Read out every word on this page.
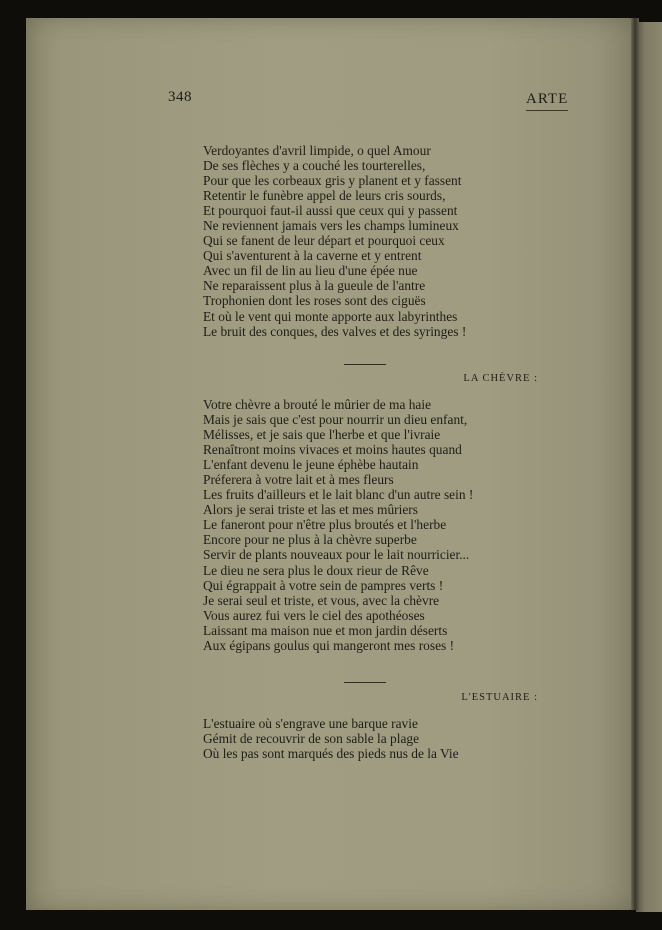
348	ARTE
Verdoyantes d'avril limpide, o quel Amour
De ses flèches y a couché les tourterelles,
Pour que les corbeaux gris y planent et y fassent
Retentir le funèbre appel de leurs cris sourds,
Et pourquoi faut-il aussi que ceux qui y passent
Ne reviennent jamais vers les champs lumineux
Qui se fanent de leur départ et pourquoi ceux
Qui s'aventurent à la caverne et y entrent
Avec un fil de lin au lieu d'une épée nue
Ne reparaissent plus à la gueule de l'antre
Trophonien dont les roses sont des ciguës
Et où le vent qui monte apporte aux labyrinthes
Le bruit des conques, des valves et des syringes !
LA CHÈVRE :
Votre chèvre a brouté le mûrier de ma haie
Mais je sais que c'est pour nourrir un dieu enfant,
Mélisses, et je sais que l'herbe et que l'ivraie
Renaîtront moins vivaces et moins hautes quand
L'enfant devenu le jeune éphèbe hautain
Préferera à votre lait et à mes fleurs
Les fruits d'ailleurs et le lait blanc d'un autre sein !
Alors je serai triste et las et mes mûriers
Le faneront pour n'être plus broutés et l'herbe
Encore pour ne plus à la chèvre superbe
Servir de plants nouveaux pour le lait nourricier...
Le dieu ne sera plus le doux rieur de Rêve
Qui égrappait à votre sein de pampres verts !
Je serai seul et triste, et vous, avec la chèvre
Vous aurez fui vers le ciel des apothéoses
Laissant ma maison nue et mon jardin déserts
Aux égipans goulus qui mangeront mes roses !
L'ESTUAIRE :
L'estuaire où s'engrave une barque ravie
Gémit de recouvrir de son sable la plage
Où les pas sont marqués des pieds nus de la Vie
